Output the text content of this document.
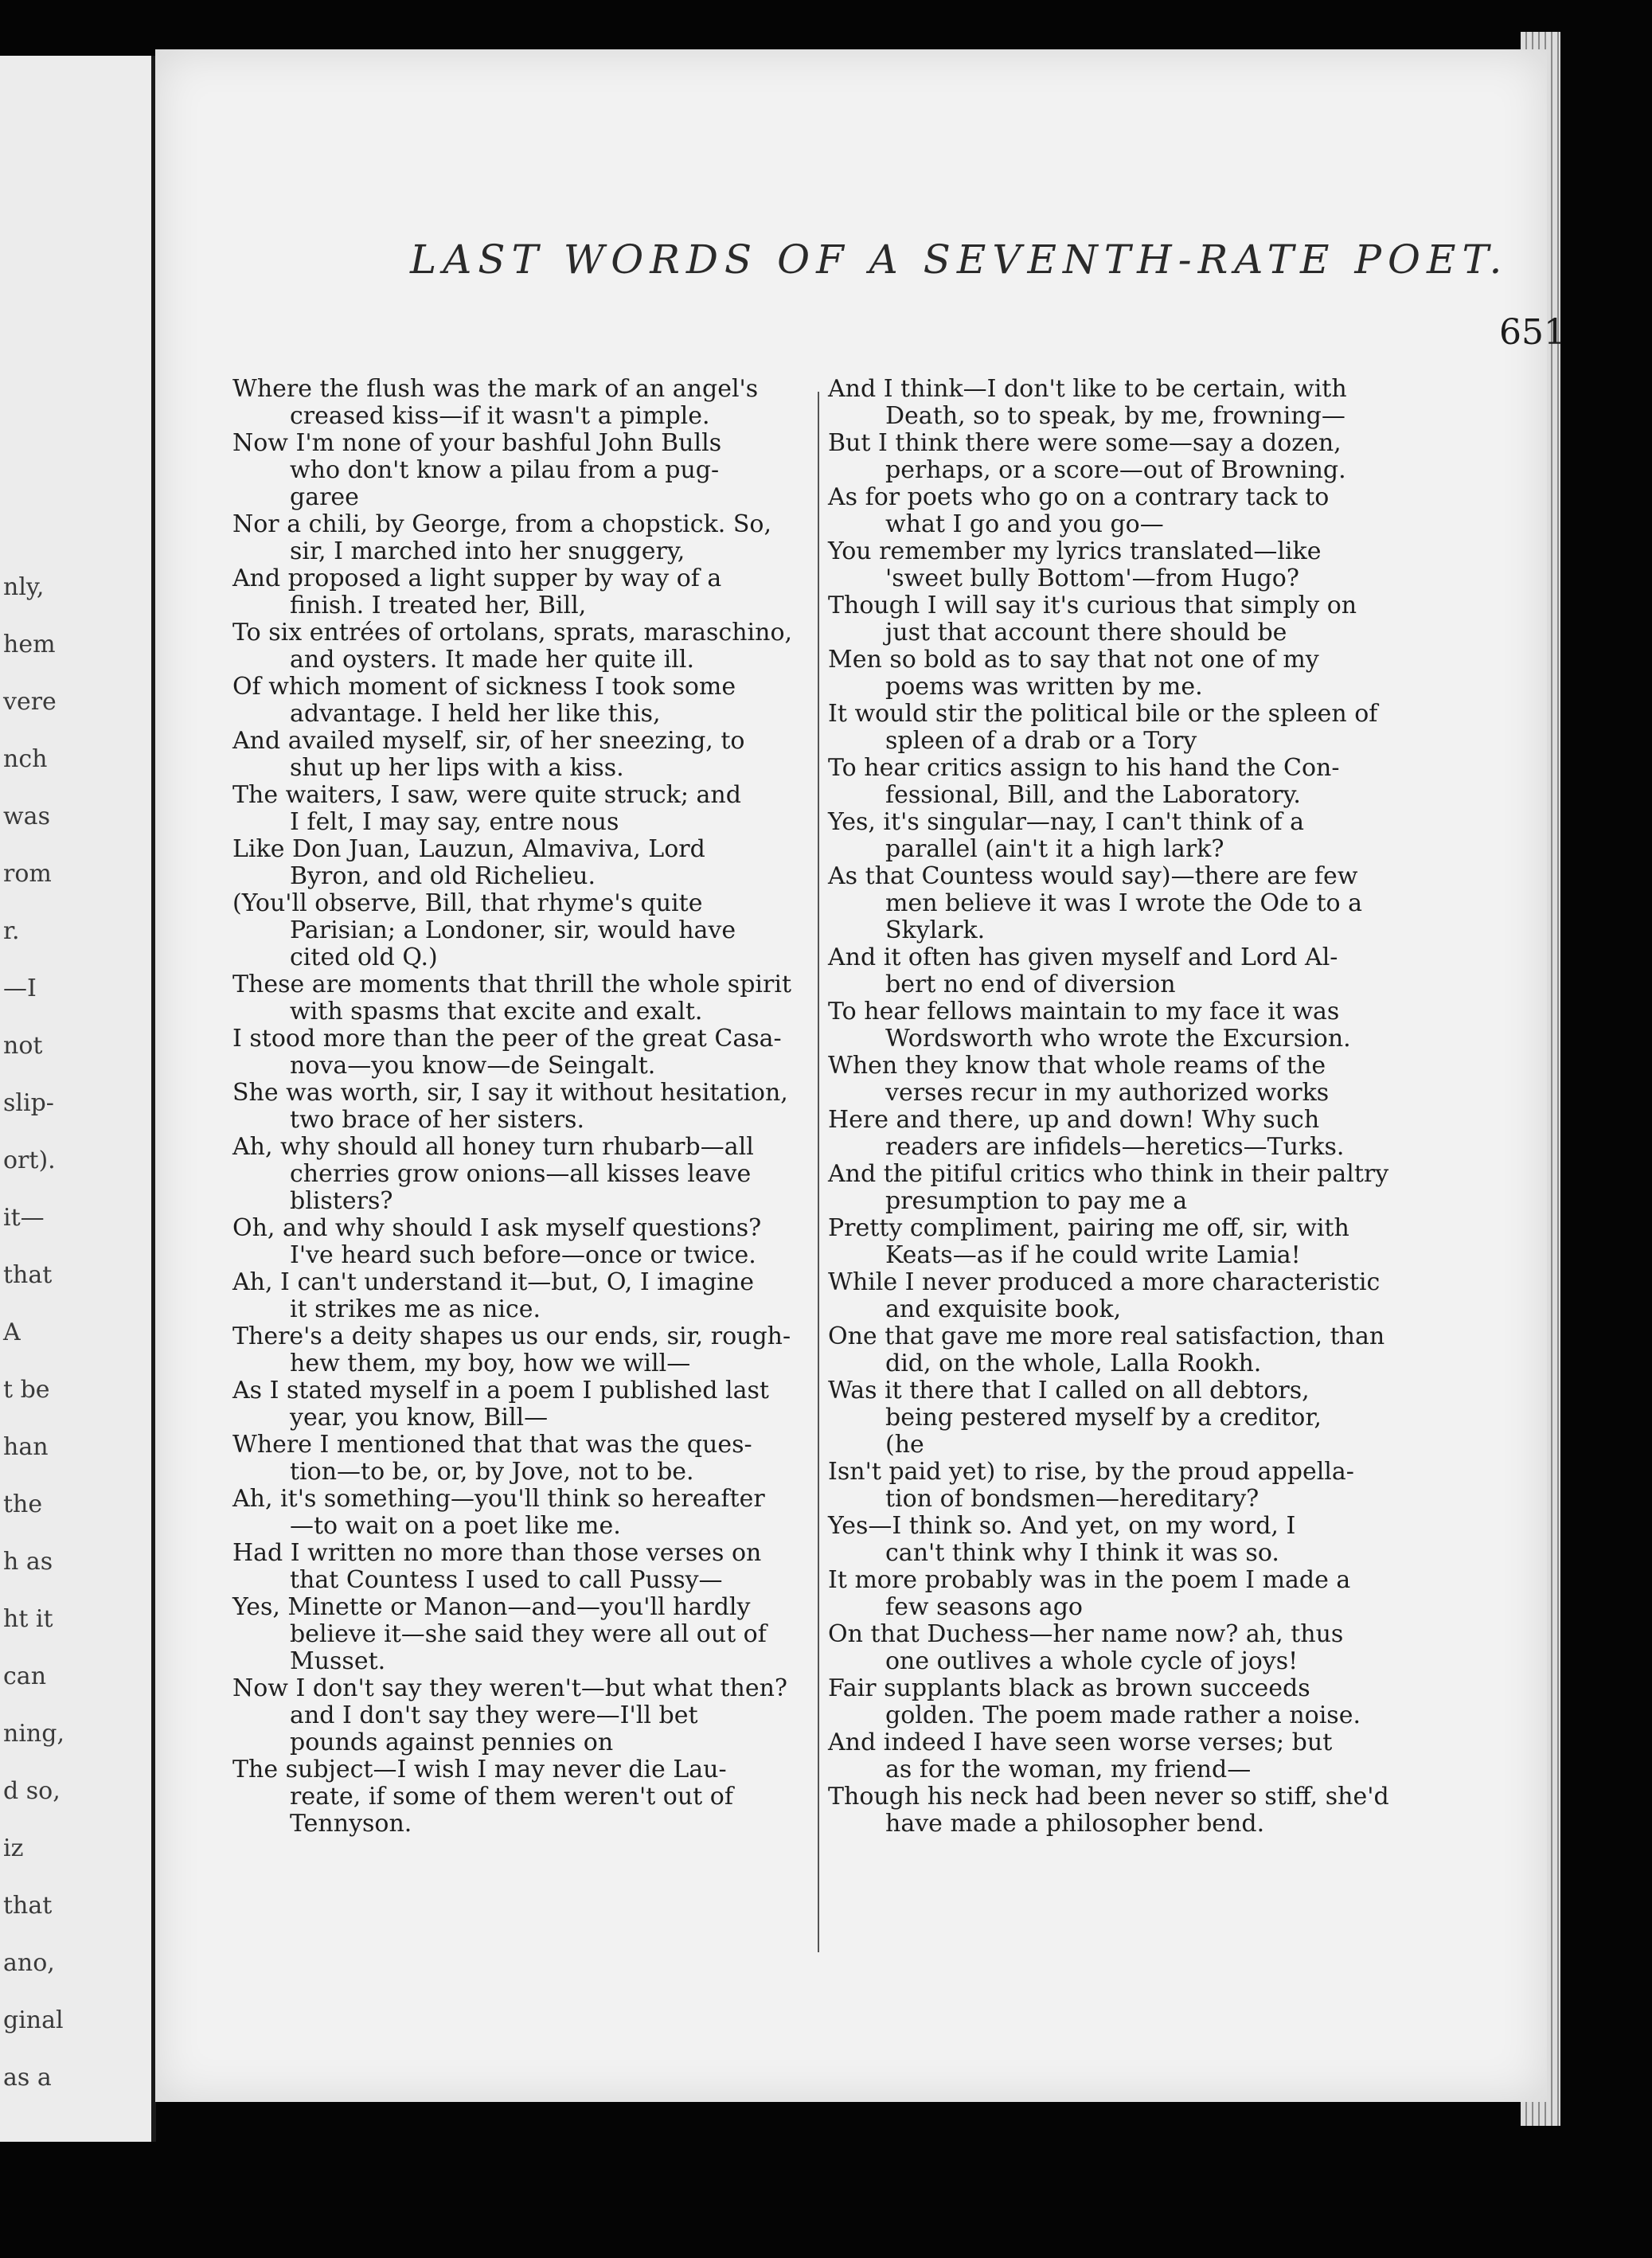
nly,
hem
vere
nch
was
rom
r.
—I
not
slip-
ort).
it—
that
A
t be
han
the
h as
ht it
can
ning,
d so,
iz
that
ano,
ginal
as a
LAST WORDS OF A SEVENTH-RATE POET.
651
Where the flush was the mark of an angel's
creased kiss—if it wasn't a pimple.
Now I'm none of your bashful John Bulls
who don't know a pilau from a pug-
garee
Nor a chili, by George, from a chopstick. So,
sir, I marched into her snuggery,
And proposed a light supper by way of a
finish. I treated her, Bill,
To six entrées of ortolans, sprats, maraschino,
and oysters. It made her quite ill.
Of which moment of sickness I took some
advantage. I held her like this,
And availed myself, sir, of her sneezing, to
shut up her lips with a kiss.
The waiters, I saw, were quite struck; and
I felt, I may say, entre nous
Like Don Juan, Lauzun, Almaviva, Lord
Byron, and old Richelieu.
(You'll observe, Bill, that rhyme's quite
Parisian; a Londoner, sir, would have
cited old Q.)
These are moments that thrill the whole spirit
with spasms that excite and exalt.
I stood more than the peer of the great Casa-
nova—you know—de Seingalt.
She was worth, sir, I say it without hesitation,
two brace of her sisters.
Ah, why should all honey turn rhubarb—all
cherries grow onions—all kisses leave
blisters?
Oh, and why should I ask myself questions?
I've heard such before—once or twice.
Ah, I can't understand it—but, O, I imagine
it strikes me as nice.
There's a deity shapes us our ends, sir, rough-
hew them, my boy, how we will—
As I stated myself in a poem I published last
year, you know, Bill—
Where I mentioned that that was the ques-
tion—to be, or, by Jove, not to be.
Ah, it's something—you'll think so hereafter
—to wait on a poet like me.
Had I written no more than those verses on
that Countess I used to call Pussy—
Yes, Minette or Manon—and—you'll hardly
believe it—she said they were all out of
Musset.
Now I don't say they weren't—but what then?
and I don't say they were—I'll bet
pounds against pennies on
The subject—I wish I may never die Lau-
reate, if some of them weren't out of
Tennyson.
And I think—I don't like to be certain, with
Death, so to speak, by me, frowning—
But I think there were some—say a dozen,
perhaps, or a score—out of Browning.
As for poets who go on a contrary tack to
what I go and you go—
You remember my lyrics translated—like
'sweet bully Bottom'—from Hugo?
Though I will say it's curious that simply on
just that account there should be
Men so bold as to say that not one of my
poems was written by me.
It would stir the political bile or the spleen of
spleen of a drab or a Tory
To hear critics assign to his hand the Con-
fessional, Bill, and the Laboratory.
Yes, it's singular—nay, I can't think of a
parallel (ain't it a high lark?
As that Countess would say)—there are few
men believe it was I wrote the Ode to a
Skylark.
And it often has given myself and Lord Al-
bert no end of diversion
To hear fellows maintain to my face it was
Wordsworth who wrote the Excursion.
When they know that whole reams of the
verses recur in my authorized works
Here and there, up and down! Why such
readers are infidels—heretics—Turks.
And the pitiful critics who think in their paltry
presumption to pay me a
Pretty compliment, pairing me off, sir, with
Keats—as if he could write Lamia!
While I never produced a more characteristic
and exquisite book,
One that gave me more real satisfaction, than
did, on the whole, Lalla Rookh.
Was it there that I called on all debtors,
being pestered myself by a creditor,
(he
Isn't paid yet) to rise, by the proud appella-
tion of bondsmen—hereditary?
Yes—I think so. And yet, on my word, I
can't think why I think it was so.
It more probably was in the poem I made a
few seasons ago
On that Duchess—her name now? ah, thus
one outlives a whole cycle of joys!
Fair supplants black as brown succeeds
golden. The poem made rather a noise.
And indeed I have seen worse verses; but
as for the woman, my friend—
Though his neck had been never so stiff, she'd
have made a philosopher bend.
